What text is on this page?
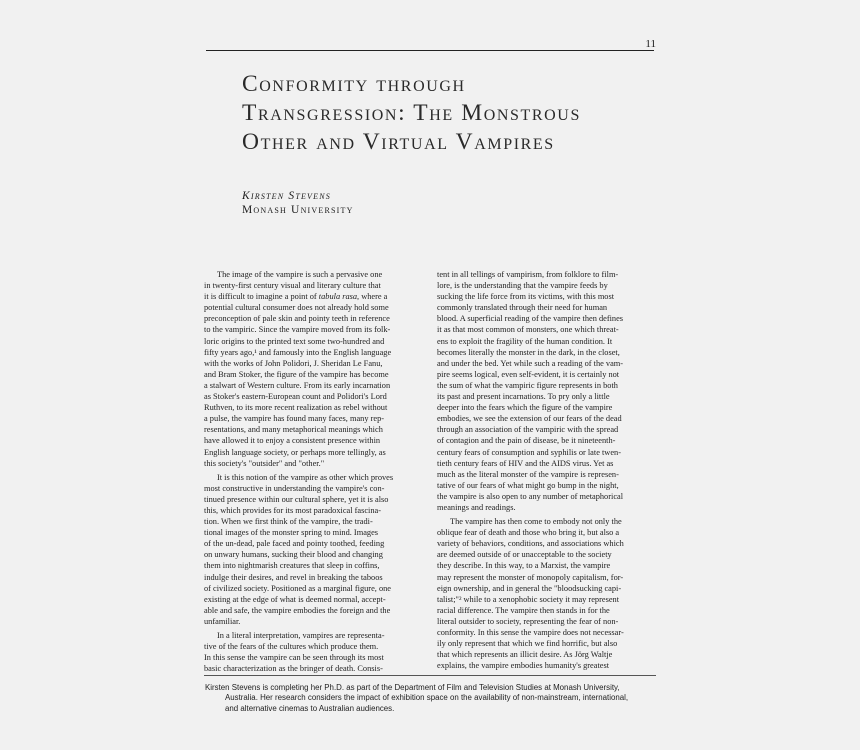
11
Conformity through
Transgression: The Monstrous
Other and Virtual Vampires
Kirsten Stevens
Monash University

The image of the vampire is such a pervasive one

in twenty-first century visual and literary culture that

it is difficult to imagine a point of tabula rasa, where a

potential cultural consumer does not already hold some

preconception of pale skin and pointy teeth in reference

to the vampiric. Since the vampire moved from its folk-

loric origins to the printed text some two-hundred and

fifty years ago,¹ and famously into the English language

with the works of John Polidori, J. Sheridan Le Fanu,

and Bram Stoker, the figure of the vampire has become

a stalwart of Western culture. From its early incarnation

as Stoker's eastern-European count and Polidori's Lord

Ruthven, to its more recent realization as rebel without

a pulse, the vampire has found many faces, many rep-

resentations, and many metaphorical meanings which

have allowed it to enjoy a consistent presence within

English language society, or perhaps more tellingly, as

this society's "outsider" and "other."

It is this notion of the vampire as other which proves

most constructive in understanding the vampire's con-

tinued presence within our cultural sphere, yet it is also

this, which provides for its most paradoxical fascina-

tion. When we first think of the vampire, the tradi-

tional images of the monster spring to mind. Images

of the un-dead, pale faced and pointy toothed, feeding

on unwary humans, sucking their blood and changing

them into nightmarish creatures that sleep in coffins,

indulge their desires, and revel in breaking the taboos

of civilized society. Positioned as a marginal figure, one

existing at the edge of what is deemed normal, accept-

able and safe, the vampire embodies the foreign and the

unfamiliar.

In a literal interpretation, vampires are representa-

tive of the fears of the cultures which produce them.

In this sense the vampire can be seen through its most

basic characterization as the bringer of death. Consis-

tent in all tellings of vampirism, from folklore to film-

lore, is the understanding that the vampire feeds by

sucking the life force from its victims, with this most

commonly translated through their need for human

blood. A superficial reading of the vampire then defines

it as that most common of monsters, one which threat-

ens to exploit the fragility of the human condition. It

becomes literally the monster in the dark, in the closet,

and under the bed. Yet while such a reading of the vam-

pire seems logical, even self-evident, it is certainly not

the sum of what the vampiric figure represents in both

its past and present incarnations. To pry only a little

deeper into the fears which the figure of the vampire

embodies, we see the extension of our fears of the dead

through an association of the vampiric with the spread

of contagion and the pain of disease, be it nineteenth-

century fears of consumption and syphilis or late twen-

tieth century fears of HIV and the AIDS virus. Yet as

much as the literal monster of the vampire is represen-

tative of our fears of what might go bump in the night,

the vampire is also open to any number of metaphorical

meanings and readings.

The vampire has then come to embody not only the

oblique fear of death and those who bring it, but also a

variety of behaviors, conditions, and associations which

are deemed outside of or unacceptable to the society

they describe. In this way, to a Marxist, the vampire

may represent the monster of monopoly capitalism, for-

eign ownership, and in general the "bloodsucking capi-

talist;"² while to a xenophobic society it may represent

racial difference. The vampire then stands in for the

literal outsider to society, representing the fear of non-

conformity. In this sense the vampire does not necessar-

ily only represent that which we find horrific, but also

that which represents an illicit desire. As Jörg Waltje

explains, the vampire embodies humanity's greatest

Kirsten Stevens is completing her Ph.D. as part of the Department of Film and Television Studies at Monash University,
Australia. Her research considers the impact of exhibition space on the availability of non-mainstream, international,
and alternative cinemas to Australian audiences.
